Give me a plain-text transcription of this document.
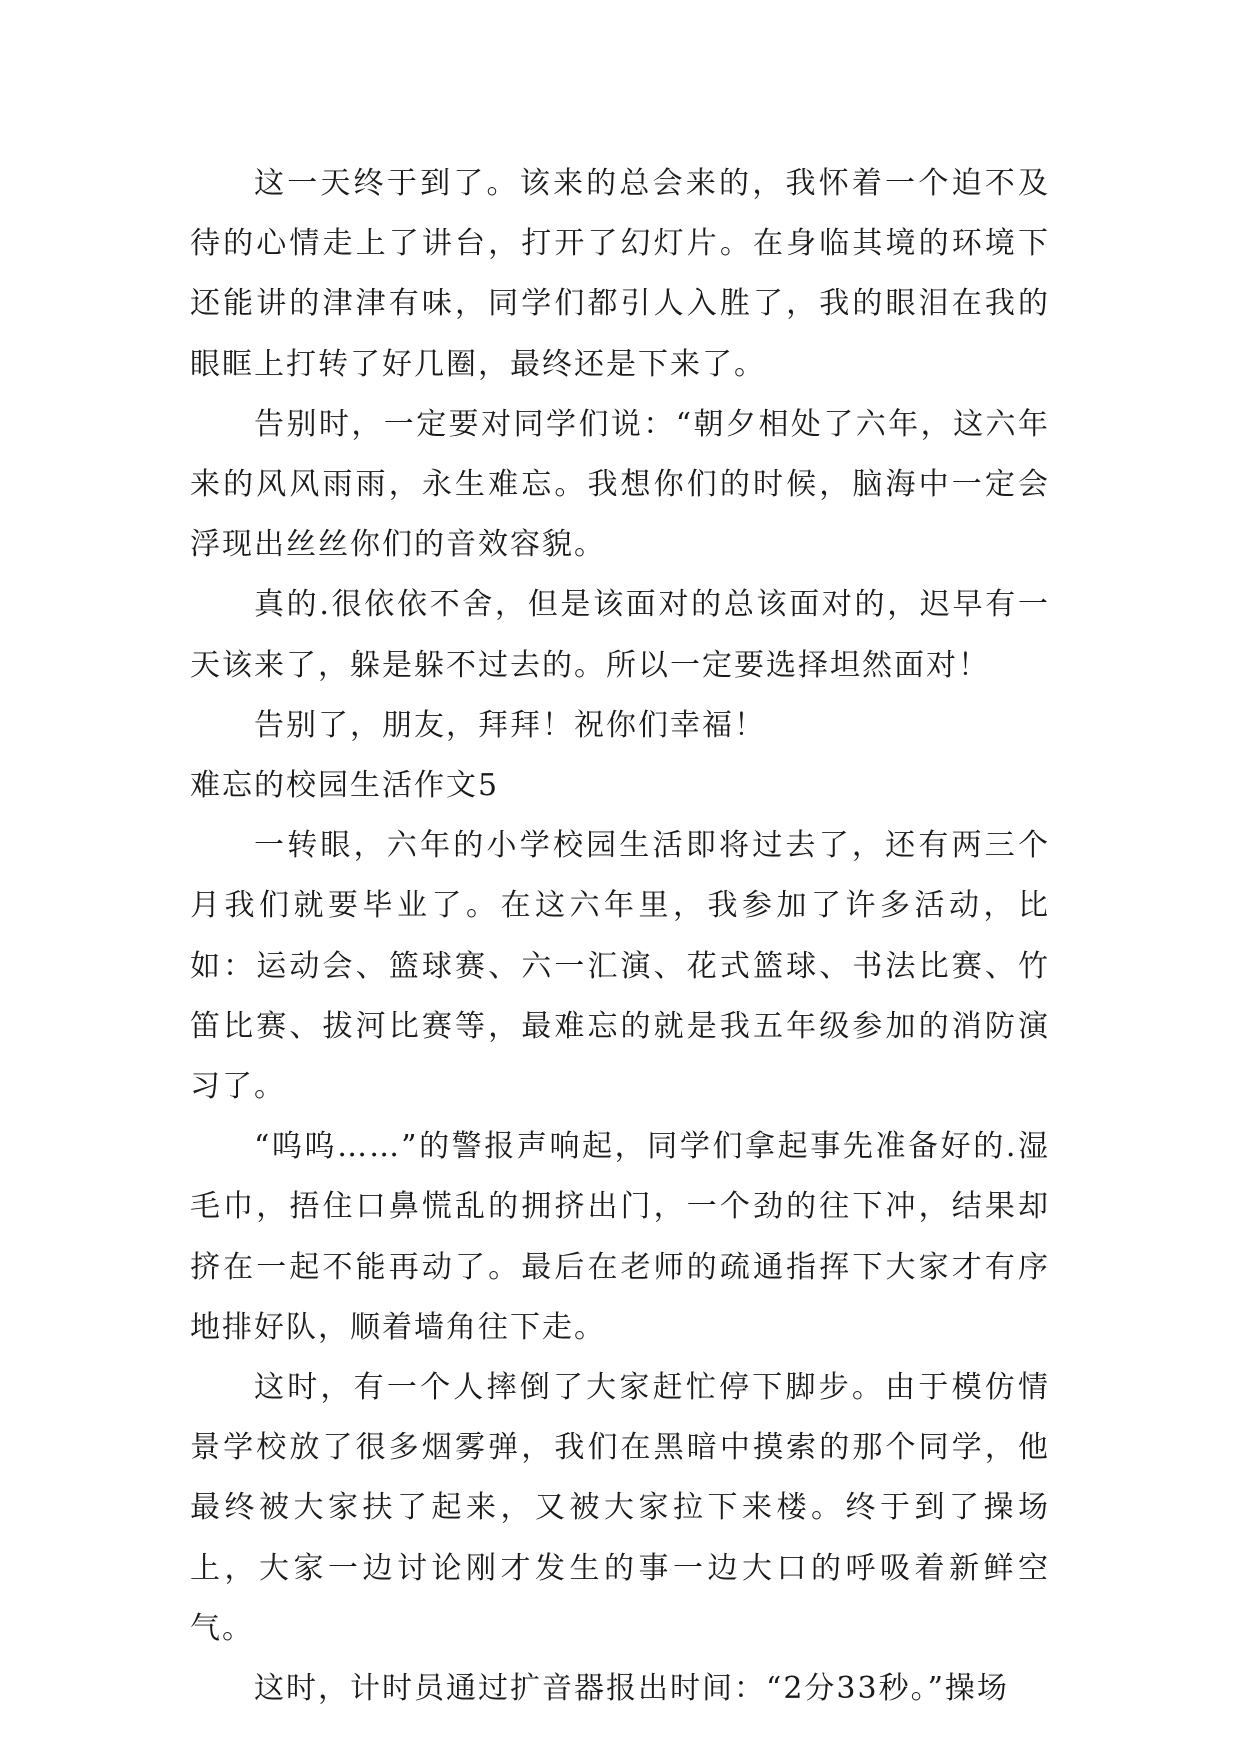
这一天终于到了。该来的总会来的，我怀着一个迫不及待的心情走上了讲台，打开了幻灯片。在身临其境的环境下还能讲的津津有味，同学们都引人入胜了，我的眼泪在我的眼眶上打转了好几圈，最终还是下来了。

告别时，一定要对同学们说：“朝夕相处了六年，这六年来的风风雨雨，永生难忘。我想你们的时候，脑海中一定会浮现出丝丝你们的音效容貌。

真的.很依依不舍，但是该面对的总该面对的，迟早有一天该来了，躲是躲不过去的。所以一定要选择坦然面对！

告别了，朋友，拜拜！祝你们幸福！

难忘的校园生活作文5

一转眼，六年的小学校园生活即将过去了，还有两三个月我们就要毕业了。在这六年里，我参加了许多活动，比如：运动会、篮球赛、六一汇演、花式篮球、书法比赛、竹笛比赛、拔河比赛等，最难忘的就是我五年级参加的消防演习了。

“呜呜……”的警报声响起，同学们拿起事先准备好的.湿毛巾，捂住口鼻慌乱的拥挤出门，一个劲的往下冲，结果却挤在一起不能再动了。最后在老师的疏通指挥下大家才有序地排好队，顺着墙角往下走。

这时，有一个人摔倒了大家赶忙停下脚步。由于模仿情景学校放了很多烟雾弹，我们在黑暗中摸索的那个同学，他最终被大家扶了起来，又被大家拉下来楼。终于到了操场上，大家一边讨论刚才发生的事一边大口的呼吸着新鲜空气。

这时，计时员通过扩音器报出时间：“2分33秒。”操场
